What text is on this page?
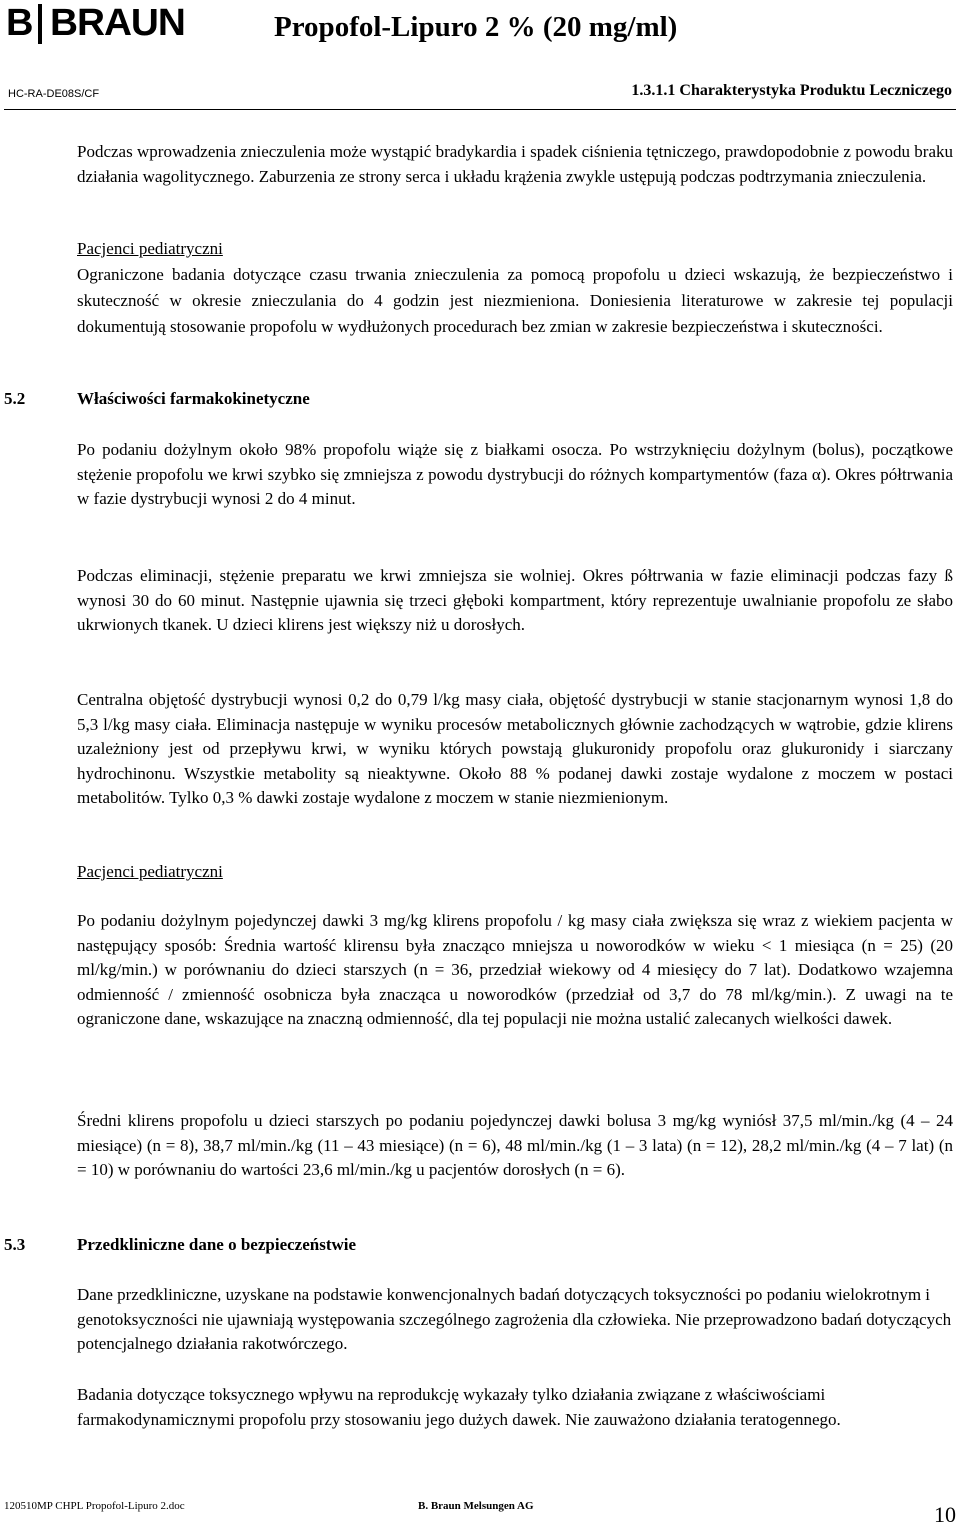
B BRAUN	Propofol-Lipuro 2 % (20 mg/ml)
HC-RA-DE08S/CF	1.3.1.1 Charakterystyka Produktu Leczniczego
Podczas wprowadzenia znieczulenia może wystąpić bradykardia i spadek ciśnienia tętniczego, prawdopodobnie z powodu braku działania wagolitycznego. Zaburzenia ze strony serca i układu krążenia zwykle ustępują podczas podtrzymania znieczulenia.
Pacjenci pediatryczni
Ograniczone badania dotyczące czasu trwania znieczulenia za pomocą propofolu u dzieci wskazują, że bezpieczeństwo i skuteczność w okresie znieczulania do 4 godzin jest niezmieniona. Doniesienia literaturowe w zakresie tej populacji dokumentują stosowanie propofolu w wydłużonych procedurach bez zmian w zakresie bezpieczeństwa i skuteczności.
5.2	Właściwości farmakokinetyczne
Po podaniu dożylnym około 98% propofolu wiąże się z białkami osocza. Po wstrzyknięciu dożylnym (bolus), początkowe stężenie propofolu we krwi szybko się zmniejsza z powodu dystrybucji do różnych kompartymentów (faza α). Okres półtrwania w fazie dystrybucji wynosi 2 do 4 minut.
Podczas eliminacji, stężenie preparatu we krwi zmniejsza sie wolniej. Okres półtrwania w fazie eliminacji podczas fazy ß wynosi 30 do 60 minut. Następnie ujawnia się trzeci głęboki kompartment, który reprezentuje uwalnianie propofolu ze słabo ukrwionych tkanek. U dzieci klirens jest większy niż u dorosłych.
Centralna objętość dystrybucji wynosi 0,2 do 0,79 l/kg masy ciała, objętość dystrybucji w stanie stacjonarnym wynosi 1,8 do 5,3 l/kg masy ciała. Eliminacja następuje w wyniku procesów metabolicznych głównie zachodzących w wątrobie, gdzie klirens uzależniony jest od przepływu krwi, w wyniku których powstają glukuronidy propofolu oraz glukuronidy i siarczany hydrochinonu. Wszystkie metabolity są nieaktywne. Około 88 % podanej dawki zostaje wydalone z moczem w postaci metabolitów. Tylko 0,3 % dawki zostaje wydalone z moczem w stanie niezmienionym.
Pacjenci pediatryczni
Po podaniu dożylnym pojedynczej dawki 3 mg/kg klirens propofolu / kg masy ciała zwiększa się wraz z wiekiem pacjenta w następujący sposób: Średnia wartość klirensu była znacząco mniejsza u noworodków w wieku < 1 miesiąca (n = 25) (20 ml/kg/min.) w porównaniu do dzieci starszych (n = 36, przedział wiekowy od 4 miesięcy do 7 lat). Dodatkowo wzajemna odmienność / zmienność osobnicza była znacząca u noworodków (przedział od 3,7 do 78 ml/kg/min.). Z uwagi na te ograniczone dane, wskazujące na znaczną odmienność, dla tej populacji nie można ustalić zalecanych wielkości dawek.
Średni klirens propofolu u dzieci starszych po podaniu pojedynczej dawki bolusa 3 mg/kg wyniósł 37,5 ml/min./kg (4 – 24 miesiące) (n = 8), 38,7 ml/min./kg (11 – 43 miesiące) (n = 6), 48 ml/min./kg (1 – 3 lata) (n = 12), 28,2 ml/min./kg (4 – 7 lat) (n = 10) w porównaniu do wartości 23,6 ml/min./kg u pacjentów dorosłych (n = 6).
5.3	Przedkliniczne dane o bezpieczeństwie
Dane przedkliniczne, uzyskane na podstawie konwencjonalnych badań dotyczących toksyczności po podaniu wielokrotnym i genotoksyczności nie ujawniają występowania szczególnego zagrożenia dla człowieka. Nie przeprowadzono badań dotyczących potencjalnego działania rakotwórczego.
Badania dotyczące toksycznego wpływu na reprodukcję wykazały tylko działania związane z właściwościami farmakodynamicznymi propofolu przy stosowaniu jego dużych dawek. Nie zauważono działania teratogennego.
120510MP CHPL Propofol-Lipuro 2.doc	B. Braun Melsungen AG	10
